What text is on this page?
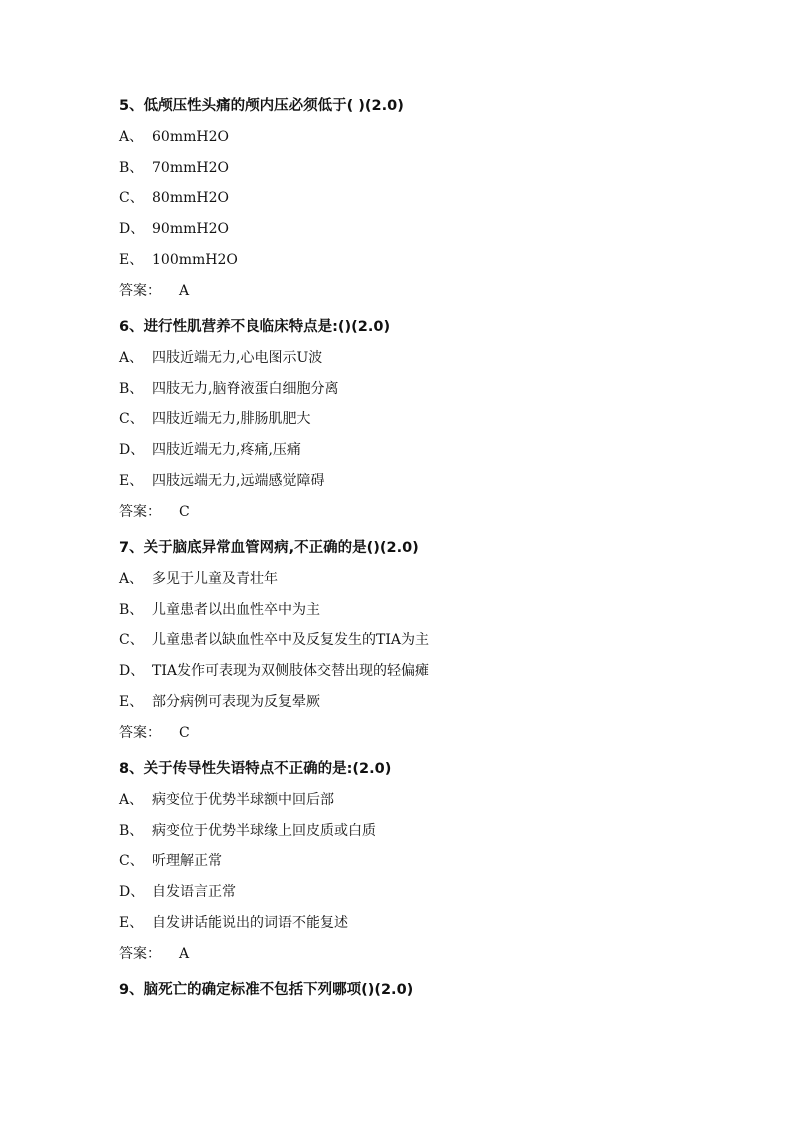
5、低颅压性头痛的颅内压必须低于( )(2.0)
A、 60mmH2O
B、 70mmH2O
C、 80mmH2O
D、 90mmH2O
E、 100mmH2O
答案： A
6、进行性肌营养不良临床特点是:()(2.0)
A、 四肢近端无力,心电图示U波
B、 四肢无力,脑脊液蛋白细胞分离
C、 四肢近端无力,腓肠肌肥大
D、 四肢近端无力,疼痛,压痛
E、 四肢远端无力,远端感觉障碍
答案： C
7、关于脑底异常血管网病,不正确的是()(2.0)
A、 多见于儿童及青壮年
B、 儿童患者以出血性卒中为主
C、 儿童患者以缺血性卒中及反复发生的TIA为主
D、 TIA发作可表现为双侧肢体交替出现的轻偏瘫
E、 部分病例可表现为反复晕厥
答案： C
8、关于传导性失语特点不正确的是:(2.0)
A、 病变位于优势半球额中回后部
B、 病变位于优势半球缘上回皮质或白质
C、 听理解正常
D、 自发语言正常
E、 自发讲话能说出的词语不能复述
答案： A
9、脑死亡的确定标准不包括下列哪项()(2.0)
